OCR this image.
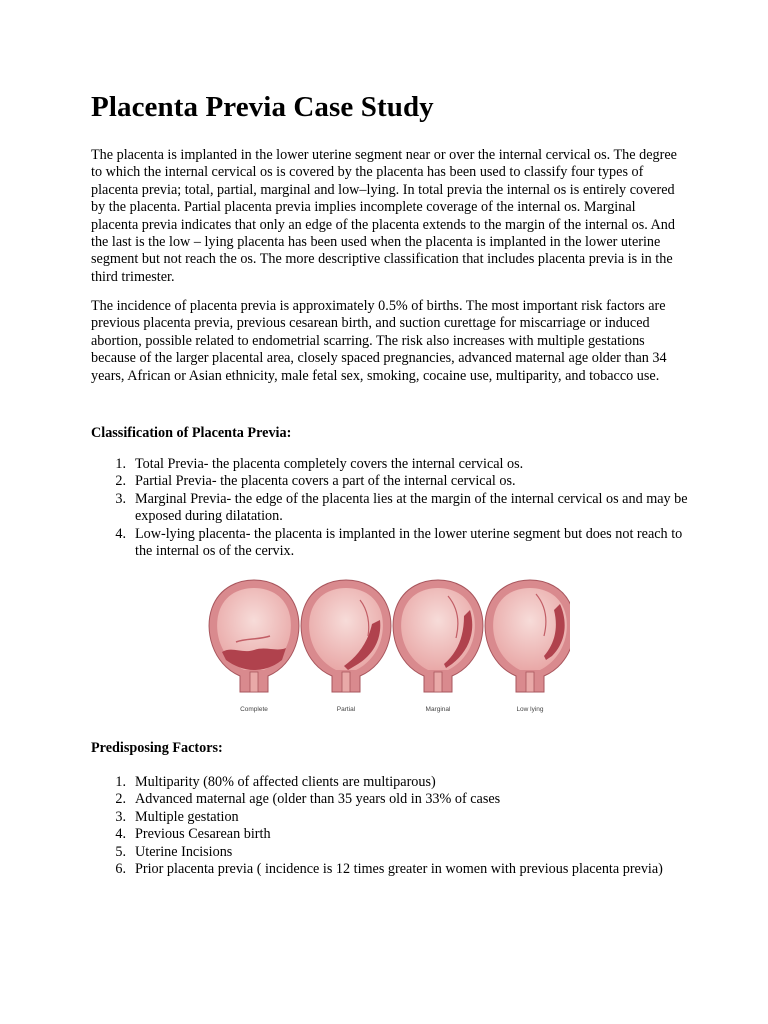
Placenta Previa Case Study

The placenta is implanted in the lower uterine segment near or over the internal cervical os. The degree to which the internal cervical os is covered by the placenta has been used to classify four types of placenta previa; total, partial, marginal and low–lying. In total previa the internal os is entirely covered by the placenta. Partial placenta previa implies incomplete coverage of the internal os. Marginal placenta previa indicates that only an edge of the placenta extends to the margin of the internal os. And the last is the low – lying placenta has been used when the placenta is implanted in the lower uterine segment but not reach the os. The more descriptive classification that includes placenta previa is in the third trimester.

The incidence of placenta previa is approximately 0.5% of births. The most important risk factors are previous placenta previa, previous cesarean birth, and suction curettage for miscarriage or induced abortion, possible related to endometrial scarring. The risk also increases with multiple gestations because of the larger placental area, closely spaced pregnancies, advanced maternal age older than 34 years, African or Asian ethnicity, male fetal sex, smoking, cocaine use, multiparity, and tobacco use.

Classification of Placenta Previa:

1. Total Previa- the placenta completely covers the internal cervical os.
2. Partial Previa- the placenta covers a part of the internal cervical os.
3. Marginal Previa- the edge of the placenta lies at the margin of the internal cervical os and may be exposed during dilatation.
4. Low-lying placenta- the placenta is implanted in the lower uterine segment but does not reach to the internal os of the cervix.
Complete	Partial	Marginal	Low lying

Predisposing Factors:

1. Multiparity (80% of affected clients are multiparous)
2. Advanced maternal age (older than 35 years old in 33% of cases
3. Multiple gestation
4. Previous Cesarean birth
5. Uterine Incisions
6. Prior placenta previa ( incidence is 12 times greater in women with previous placenta previa)
